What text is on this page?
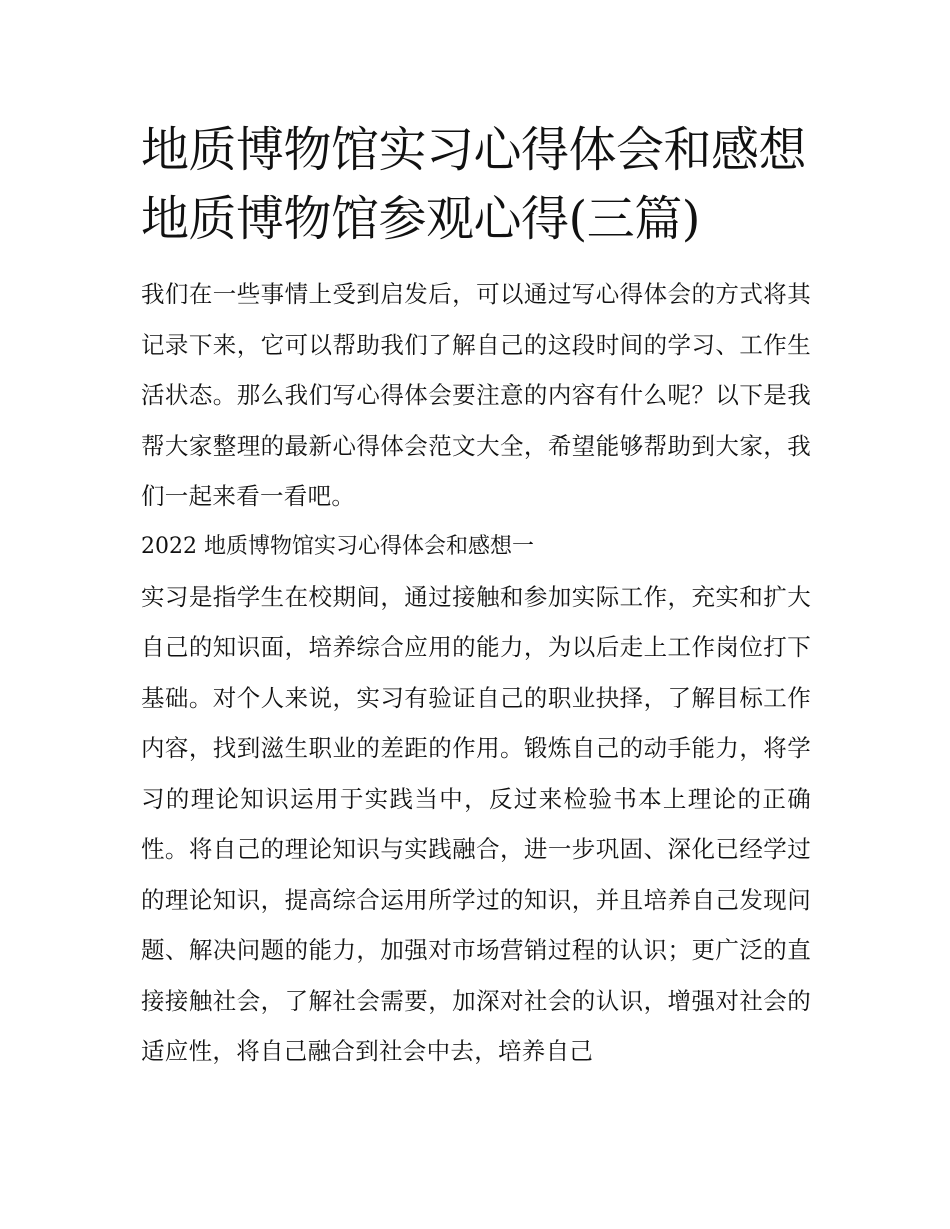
地质博物馆实习心得体会和感想 地质博物馆参观心得(三篇)

我们在一些事情上受到启发后，可以通过写心得体会的方式将其记录下来，它可以帮助我们了解自己的这段时间的学习、工作生活状态。那么我们写心得体会要注意的内容有什么呢？以下是我帮大家整理的最新心得体会范文大全，希望能够帮助到大家，我们一起来看一看吧。

2022 地质博物馆实习心得体会和感想一

实习是指学生在校期间，通过接触和参加实际工作，充实和扩大自己的知识面，培养综合应用的能力，为以后走上工作岗位打下基础。对个人来说，实习有验证自己的职业抉择，了解目标工作内容，找到滋生职业的差距的作用。锻炼自己的动手能力，将学习的理论知识运用于实践当中，反过来检验书本上理论的正确性。将自己的理论知识与实践融合，进一步巩固、深化已经学过的理论知识，提高综合运用所学过的知识，并且培养自己发现问题、解决问题的能力，加强对市场营销过程的认识；更广泛的直接接触社会，了解社会需要，加深对社会的认识，增强对社会的适应性，将自己融合到社会中去，培养自己
